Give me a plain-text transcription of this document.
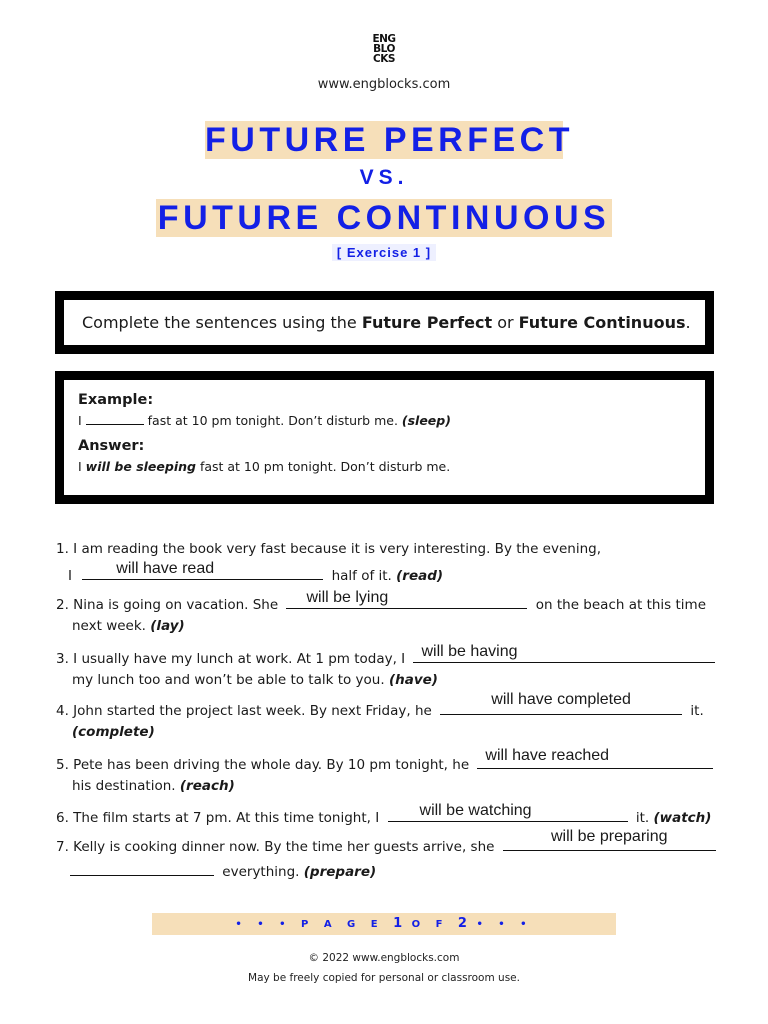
ENG
BLO
CKS
www.engblocks.com
FUTURE PERFECT
VS.
FUTURE CONTINUOUS
[ Exercise 1 ]
Complete the sentences using the Future Perfect or Future Continuous.
Example:
I	fast at 10 pm tonight. Don’t disturb me. (sleep)
Answer:
I will be sleeping fast at 10 pm tonight. Don’t disturb me.
1. I am reading the book very fast because it is very interesting. By the evening,
I	will have read	half of it. (read)
2. Nina is going on vacation. She	will be lying	on the beach at this time
next week. (lay)
3. I usually have my lunch at work. At 1 pm today, I	will be having
my lunch too and won’t be able to talk to you. (have)
4. John started the project last week. By next Friday, he
will have completed
it.
(complete)
5. Pete has been driving the whole day. By 10 pm tonight, he
will have reached
his destination. (reach)
6. The film starts at 7 pm. At this time tonight, I	will be watching	it. (watch)
7. Kelly is cooking dinner now. By the time her guests arrive, she
will be preparing
everything. (prepare)
• • • P A G E 1 O F 2 • • •
© 2022 www.engblocks.com
May be freely copied for personal or classroom use.
